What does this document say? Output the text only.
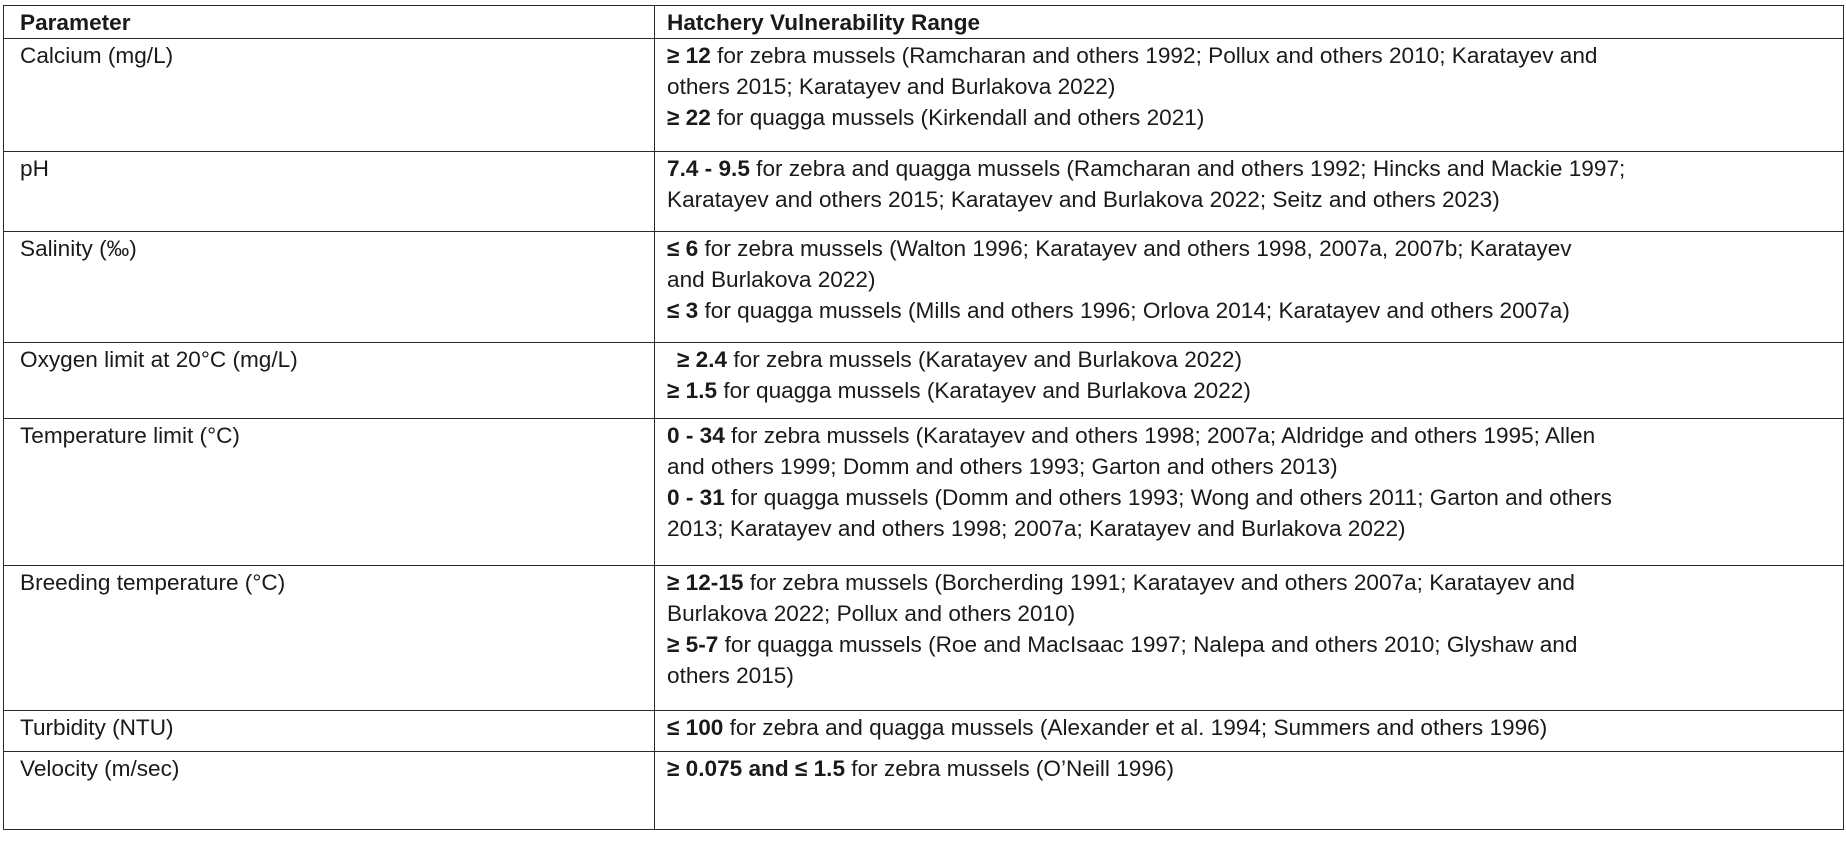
Parameter	Hatchery Vulnerability Range
Calcium (mg/L)	≥ 12 for zebra mussels (Ramcharan and others 1992; Pollux and others 2010; Karatayev and
others 2015; Karatayev and Burlakova 2022)
≥ 22 for quagga mussels (Kirkendall and others 2021)

pH	7.4 - 9.5 for zebra and quagga mussels (Ramcharan and others 1992; Hincks and Mackie 1997;
Karatayev and others 2015; Karatayev and Burlakova 2022; Seitz and others 2023)

Salinity (‰)	≤ 6 for zebra mussels (Walton 1996; Karatayev and others 1998, 2007a, 2007b; Karatayev
and Burlakova 2022)
≤ 3 for quagga mussels (Mills and others 1996; Orlova 2014; Karatayev and others 2007a)

Oxygen limit at 20°C (mg/L)	≥ 2.4 for zebra mussels (Karatayev and Burlakova 2022)
≥ 1.5 for quagga mussels (Karatayev and Burlakova 2022)

Temperature limit (°C)	0 - 34 for zebra mussels (Karatayev and others 1998; 2007a; Aldridge and others 1995; Allen
and others 1999; Domm and others 1993; Garton and others 2013)
0 - 31 for quagga mussels (Domm and others 1993; Wong and others 2011; Garton and others
2013; Karatayev and others 1998; 2007a; Karatayev and Burlakova 2022)

Breeding temperature (°C)	≥ 12-15 for zebra mussels (Borcherding 1991; Karatayev and others 2007a; Karatayev and
Burlakova 2022; Pollux and others 2010)
≥ 5-7 for quagga mussels (Roe and MacIsaac 1997; Nalepa and others 2010; Glyshaw and
others 2015)

Turbidity (NTU)	≤ 100 for zebra and quagga mussels (Alexander et al. 1994; Summers and others 1996)

Velocity (m/sec)	≥ 0.075 and ≤ 1.5 for zebra mussels (O’Neill 1996)
